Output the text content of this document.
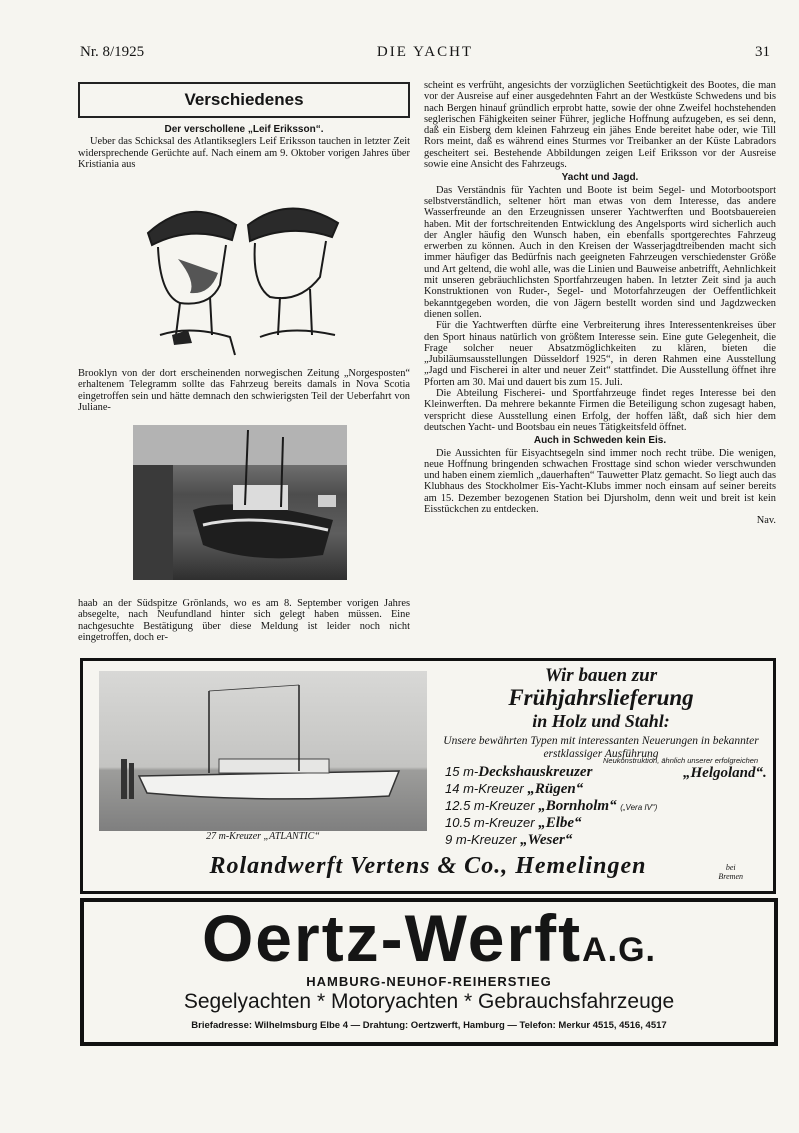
Nr. 8/1925	DIE YACHT	31
Verschiedenes
Der verschollene „Leif Eriksson“.

Ueber das Schicksal des Atlantikseglers Leif Eriksson tauchen in letzter Zeit widersprechende Gerüchte auf. Nach einem am 9. Oktober vorigen Jahres über Kristiania aus

Brooklyn von der dort erscheinenden norwegischen Zeitung „Norgesposten“ erhaltenem Telegramm sollte das Fahrzeug bereits damals in Nova Scotia eingetroffen sein und hätte demnach den schwierigsten Teil der Ueberfahrt von Juliane-

haab an der Südspitze Grönlands, wo es am 8. September vorigen Jahres absegelte, nach Neufundland hinter sich gelegt haben müssen. Eine nachgesuchte Bestätigung über diese Meldung ist leider noch nicht eingetroffen, doch er-

scheint es verfrüht, angesichts der vorzüglichen Seetüchtigkeit des Bootes, die man vor der Ausreise auf einer ausgedehnten Fahrt an der Westküste Schwedens und bis nach Bergen hinauf gründlich erprobt hatte, sowie der ohne Zweifel hochstehenden seglerischen Fähigkeiten seiner Führer, jegliche Hoffnung aufzugeben, es sei denn, daß ein Eisberg dem kleinen Fahrzeug ein jähes Ende bereitet habe oder, wie Till Rors meint, daß es während eines Sturmes vor Treibanker an der Küste Labradors gescheitert sei. Bestehende Abbildungen zeigen Leif Eriksson vor der Ausreise sowie eine Ansicht des Fahrzeugs.

Yacht und Jagd.

Das Verständnis für Yachten und Boote ist beim Segel- und Motorbootsport selbstverständlich, seltener hört man etwas von dem Interesse, das andere Wasserfreunde an den Erzeugnissen unserer Yachtwerften und Bootsbauereien haben. Mit der fortschreitenden Entwicklung des Angelsports wird sicherlich auch der Angler häufig den Wunsch haben, ein ebenfalls sportgerechtes Fahrzeug erwerben zu können. Auch in den Kreisen der Wasserjagdtreibenden macht sich immer häufiger das Bedürfnis nach geeigneten Fahrzeugen verschiedenster Größe und Art geltend, die wohl alle, was die Linien und Bauweise anbetrifft, Aehnlichkeit mit unseren gebräuchlichsten Sportfahrzeugen haben. In letzter Zeit sind ja auch Konstruktionen von Ruder-, Segel- und Motorfahrzeugen der Oeffentlichkeit bekanntgegeben worden, die von Jägern bestellt worden sind und Jagdzwecken dienen sollen.

Für die Yachtwerften dürfte eine Verbreiterung ihres Interessentenkreises über den Sport hinaus natürlich von größtem Interesse sein. Eine gute Gelegenheit, die Frage solcher neuer Absatzmöglichkeiten zu klären, bieten die „Jubiläumsausstellungen Düsseldorf 1925“, in deren Rahmen eine Ausstellung „Jagd und Fischerei in alter und neuer Zeit“ stattfindet. Die Ausstellung öffnet ihre Pforten am 30. Mai und dauert bis zum 15. Juli.

Die Abteilung Fischerei- und Sportfahrzeuge findet reges Interesse bei den Kleinwerften. Da mehrere bekannte Firmen die Beteiligung schon zugesagt haben, verspricht diese Ausstellung einen Erfolg, der hoffen läßt, daß sich hier dem deutschen Yacht- und Bootsbau ein neues Tätigkeitsfeld öffnet.

Auch in Schweden kein Eis.

Die Aussichten für Eisyachtsegeln sind immer noch recht trübe. Die wenigen, neue Hoffnung bringenden schwachen Frosttage sind schon wieder verschwunden und haben einem ziemlich „dauerhaften“ Tauwetter Platz gemacht. So liegt auch das Klubhaus des Stockholmer Eis-Yacht-Klubs immer noch einsam auf seiner bereits am 15. Dezember bezogenen Station bei Djursholm, denn weit und breit ist kein Eisstückchen zu entdecken.

Nav.
27 m-Kreuzer „ATLANTIC“
Wir bauen zur
Frühjahrslieferung
in Holz und Stahl:
Unsere bewährten Typen mit interessanten Neuerungen in bekannter erstklassiger Ausführung
15 m-Deckshauskreuzer
Neukonstruktion, ähnlich unserer erfolgreichen
„Helgoland“.
14 m-Kreuzer „Rügen“
12.5 m-Kreuzer „Bornholm“ („Vera IV“)
10.5 m-Kreuzer „Elbe“
9 m-Kreuzer „Weser“
Rolandwerft Vertens & Co., Hemelingen	bei
Bremen
Oertz-WerftA.G.
HAMBURG-NEUHOF-REIHERSTIEG
Segelyachten * Motoryachten * Gebrauchsfahrzeuge
Briefadresse: Wilhelmsburg Elbe 4 — Drahtung: Oertzwerft, Hamburg — Telefon: Merkur 4515, 4516, 4517
